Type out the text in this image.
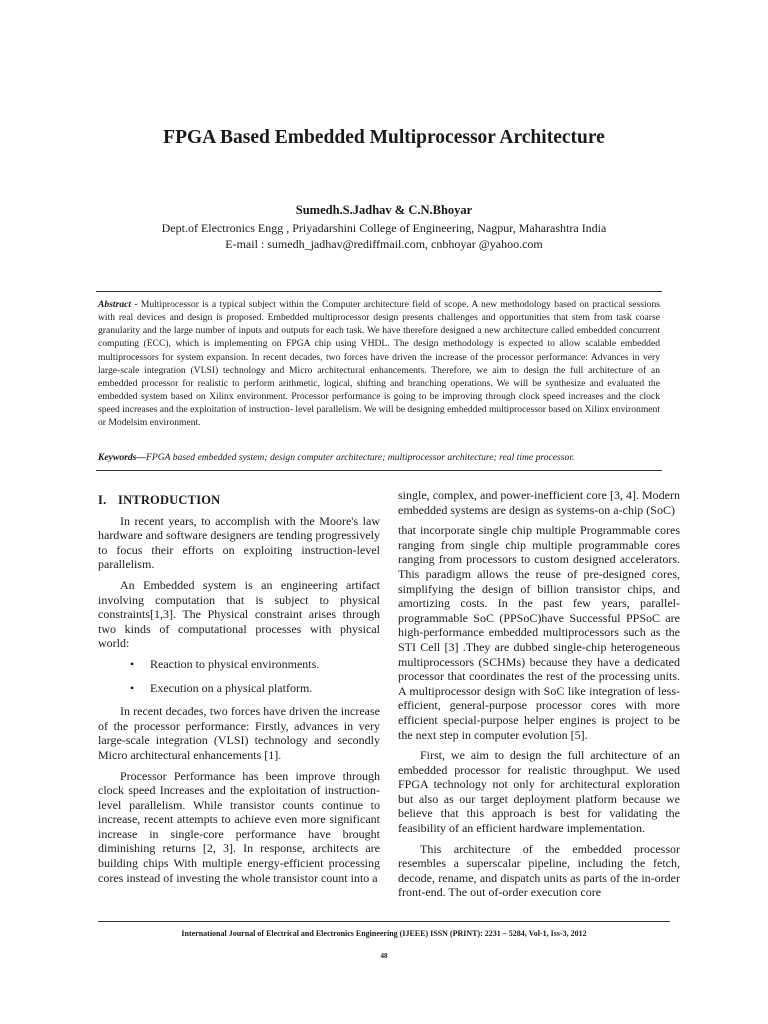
FPGA Based Embedded Multiprocessor Architecture
Sumedh.S.Jadhav & C.N.Bhoyar
Dept.of Electronics Engg , Priyadarshini College of Engineering, Nagpur, Maharashtra India
E-mail : sumedh_jadhav@rediffmail.com, cnbhoyar @yahoo.com
Abstract - Multiprocessor is a typical subject within the Computer architecture field of scope. A new methodology based on practical sessions with real devices and design is proposed. Embedded multiprocessor design presents challenges and opportunities that stem from task coarse granularity and the large number of inputs and outputs for each task. We have therefore designed a new architecture called embedded concurrent computing (ECC), which is implementing on FPGA chip using VHDL. The design methodology is expected to allow scalable embedded multiprocessors for system expansion. In recent decades, two forces have driven the increase of the processor performance: Advances in very large-scale integration (VLSI) technology and Micro architectural enhancements. Therefore, we aim to design the full architecture of an embedded processor for realistic to perform arithmetic, logical, shifting and branching operations. We will be synthesize and evaluated the embedded system based on Xilinx environment. Processor performance is going to be improving through clock speed increases and the clock speed increases and the exploitation of instruction- level parallelism. We will be designing embedded multiprocessor based on Xilinx environment or Modelsim environment.
Keywords—FPGA based embedded system; design computer architecture; multiprocessor architecture; real time processor.

I. INTRODUCTION

In recent years, to accomplish with the Moore's law hardware and software designers are tending progressively to focus their efforts on exploiting instruction-level parallelism.

An Embedded system is an engineering artifact involving computation that is subject to physical constraints[1,3]. The Physical constraint arises through two kinds of computational processes with physical world:

• Reaction to physical environments.
• Execution on a physical platform.

In recent decades, two forces have driven the increase of the processor performance: Firstly, advances in very large-scale integration (VLSI) technology and secondly Micro architectural enhancements [1].

Processor Performance has been improve through clock speed Increases and the exploitation of instruction-level parallelism. While transistor counts continue to increase, recent attempts to achieve even more significant increase in single-core performance have brought diminishing returns [2, 3]. In response, architects are building chips With multiple energy-efficient processing cores instead of investing the whole transistor count into a

single, complex, and power-inefficient core [3, 4]. Modern embedded systems are design as systems-on a-chip (SoC)

that incorporate single chip multiple Programmable cores ranging from single chip multiple programmable cores ranging from processors to custom designed accelerators. This paradigm allows the reuse of pre-designed cores, simplifying the design of billion transistor chips, and amortizing costs. In the past few years, parallel-programmable SoC (PPSoC)have Successful PPSoC are high-performance embedded multiprocessors such as the STI Cell [3] .They are dubbed single-chip heterogeneous multiprocessors (SCHMs) because they have a dedicated processor that coordinates the rest of the processing units. A multiprocessor design with SoC like integration of less-efficient, general-purpose processor cores with more efficient special-purpose helper engines is project to be the next step in computer evolution [5].

First, we aim to design the full architecture of an embedded processor for realistic throughput. We used FPGA technology not only for architectural exploration but also as our target deployment platform because we believe that this approach is best for validating the feasibility of an efficient hardware implementation.

This architecture of the embedded processor resembles a superscalar pipeline, including the fetch, decode, rename, and dispatch units as parts of the in-order front-end. The out of-order execution core

International Journal of Electrical and Electronics Engineering (IJEEE) ISSN (PRINT): 2231 – 5284, Vol-1, Iss-3, 2012
48
